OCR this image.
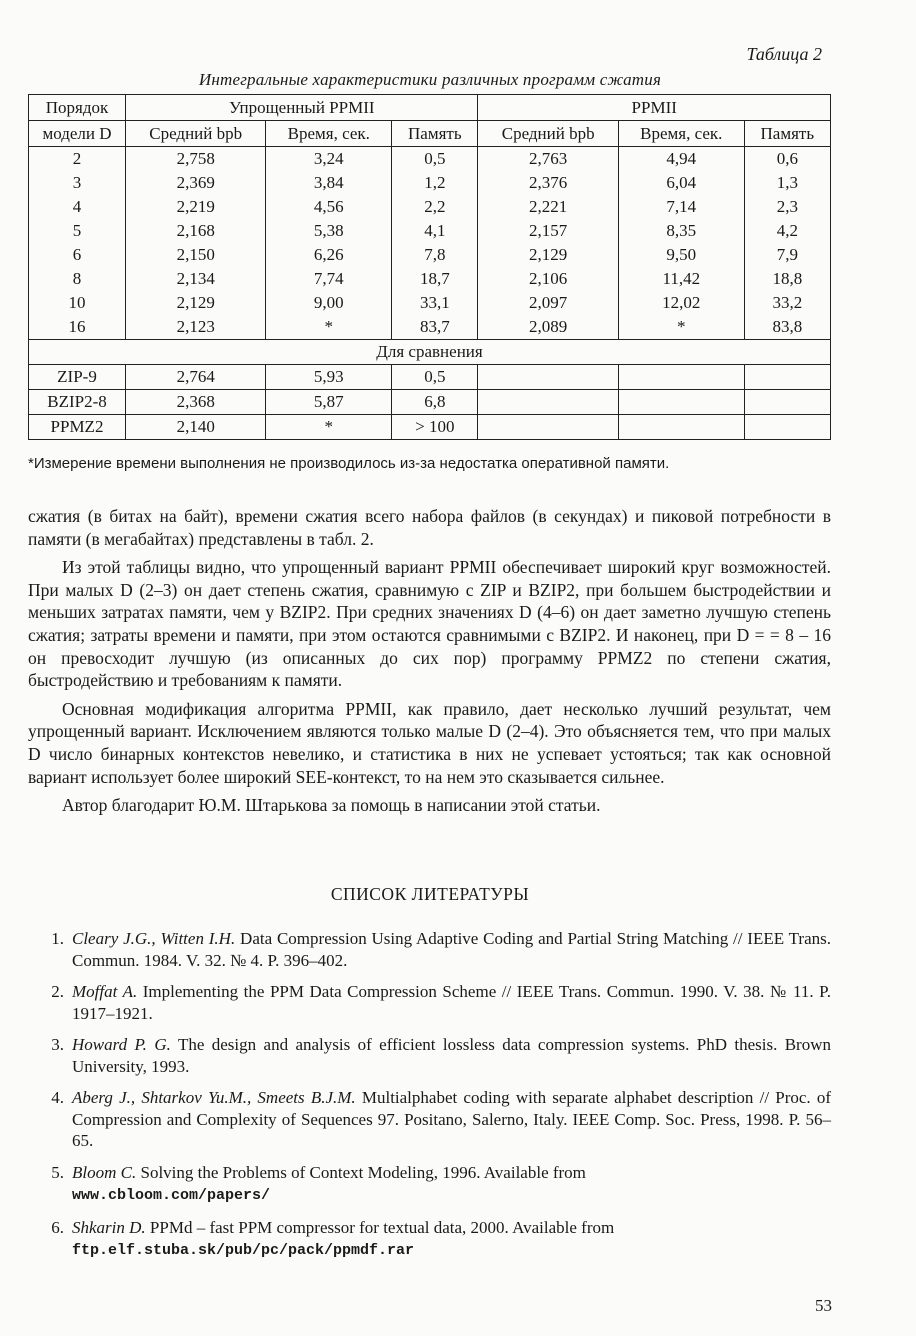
Таблица 2
Интегральные характеристики различных программ сжатия
Порядок	Упрощенный PPMII			PPMII		
модели D	Средний bpb	Время, сек.	Память	Средний bpb	Время, сек.	Память
2	2,758	3,24	0,5	2,763	4,94	0,6
3	2,369	3,84	1,2	2,376	6,04	1,3
4	2,219	4,56	2,2	2,221	7,14	2,3
5	2,168	5,38	4,1	2,157	8,35	4,2
6	2,150	6,26	7,8	2,129	9,50	7,9
8	2,134	7,74	18,7	2,106	11,42	18,8
10	2,129	9,00	33,1	2,097	12,02	33,2
16	2,123	*	83,7	2,089	*	83,8
Для сравнения						
ZIP-9	2,764	5,93	0,5			
BZIP2-8	2,368	5,87	6,8			
PPMZ2	2,140	*	> 100			
*Измерение времени выполнения не производилось из-за недостатка оперативной памяти.

сжатия (в битах на байт), времени сжатия всего набора файлов (в секундах) и пиковой потребности в памяти (в мегабайтах) представлены в табл. 2.

Из этой таблицы видно, что упрощенный вариант PPMII обеспечивает широкий круг возможностей. При малых D (2–3) он дает степень сжатия, сравнимую с ZIP и BZIP2, при большем быстродействии и меньших затратах памяти, чем у BZIP2. При средних значениях D (4–6) он дает заметно лучшую степень сжатия; затраты времени и памяти, при этом остаются сравнимыми с BZIP2. И наконец, при D = = 8 – 16 он превосходит лучшую (из описанных до сих пор) программу PPMZ2 по степени сжатия, быстродействию и требованиям к памяти.

Основная модификация алгоритма PPMII, как правило, дает несколько лучший результат, чем упрощенный вариант. Исключением являются только малые D (2–4). Это объясняется тем, что при малых D число бинарных контекстов невелико, и статистика в них не успевает устояться; так как основной вариант использует более широкий SEE-контекст, то на нем это сказывается сильнее.

Автор благодарит Ю.М. Штарькова за помощь в написании этой статьи.

СПИСОК ЛИТЕРАТУРЫ
1. Cleary J.G., Witten I.H. Data Compression Using Adaptive Coding and Partial String Matching // IEEE Trans. Commun. 1984. V. 32. № 4. P. 396–402.
2. Moffat A. Implementing the PPM Data Compression Scheme // IEEE Trans. Commun. 1990. V. 38. № 11. P. 1917–1921.
3. Howard P. G. The design and analysis of efficient lossless data compression systems. PhD thesis. Brown University, 1993.
4. Aberg J., Shtarkov Yu.M., Smeets B.J.M. Multialphabet coding with separate alphabet description // Proc. of Compression and Complexity of Sequences 97. Positano, Salerno, Italy. IEEE Comp. Soc. Press, 1998. P. 56–65.
5. Bloom C. Solving the Problems of Context Modeling, 1996. Available from
www.cbloom.com/papers/
6. Shkarin D. PPMd – fast PPM compressor for textual data, 2000. Available from
ftp.elf.stuba.sk/pub/pc/pack/ppmdf.rar
53
